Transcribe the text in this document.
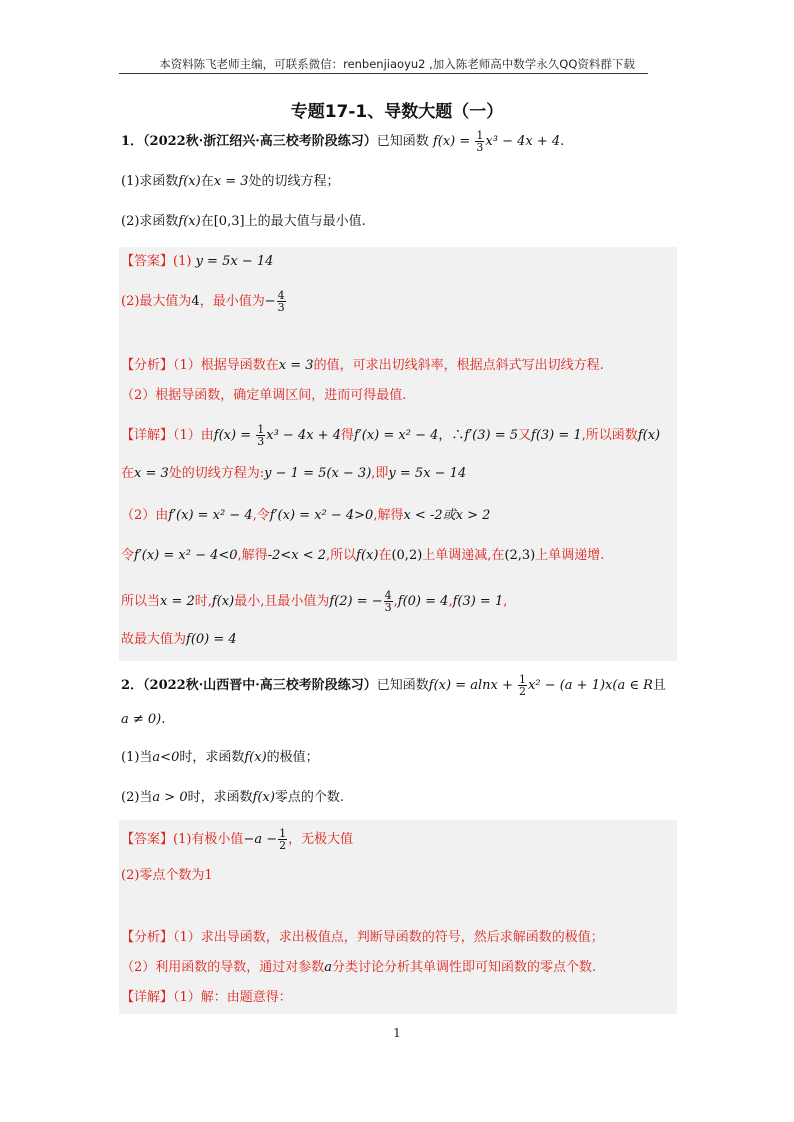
本资料陈飞老师主编，可联系微信：renbenjiaoyu2 ,加入陈老师高中数学永久QQ资料群下载
专题17-1、导数大题（一）
1．（2022秋·浙江绍兴·高三校考阶段练习）已知函数 $f(x) = \frac{1}{3} x^3 - 4x + 4$.
(1)求函数f(x)在x = 3处的切线方程；
(2)求函数f(x)在[0,3]上的最大值与最小值.
【答案】(1) y = 5x − 14
(2)最大值为4，最小值为− $\frac{4}{3}$
【分析】（1）根据导函数在x = 3的值，可求出切线斜率，根据点斜式写出切线方程.
（2）根据导函数，确定单调区间，进而可得最值.
【详解】（1）由$f(x) = \frac{1}{3} x^3 - 4x + 4$得f′(x) = x² − 4，∴f′(3) = 5又f(3) = 1,所以函数f(x)
在x = 3处的切线方程为:y − 1 = 5(x − 3),即y = 5x − 14
（2）由f′(x) = x² − 4,令f′(x) = x² − 4>0,解得x < -2或x > 2
令f′(x) = x² − 4<0,解得-2<x < 2,所以f(x)在(0,2)上单调递减,在(2,3)上单调递增.
所以当x = 2时,f(x)最小,且最小值为f(2) = − $\frac{4}{3} ,f(0) = 4,f(3) = 1$,
故最大值为f(0) = 4
2．（2022秋·山西晋中·高三校考阶段练习）已知函数$f(x) = alnx + \frac{1}{2} x^2 - (a + 1)x(a$ ∈ R且
a ≠ 0).
(1)当a<0时，求函数f(x)的极值；
(2)当a > 0时，求函数f(x)零点的个数.
【答案】(1)有极小值$-a - \frac{1}{2}$ ，无极大值
(2)零点个数为1
【分析】（1）求出导函数，求出极值点，判断导函数的符号，然后求解函数的极值；
（2）利用函数的导数，通过对参数a分类讨论分析其单调性即可知函数的零点个数.
【详解】（1）解：由题意得：
1
